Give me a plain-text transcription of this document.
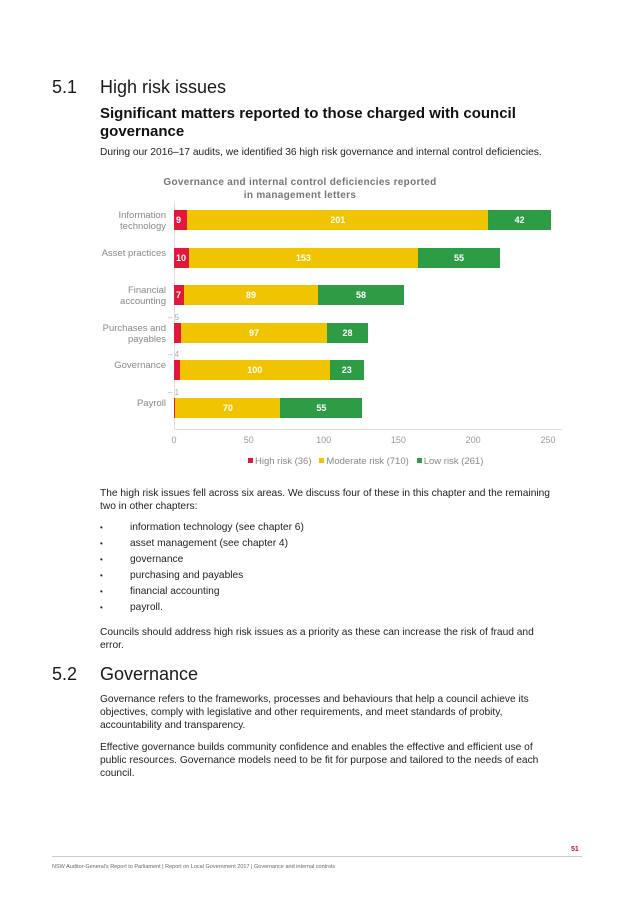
5.1 High risk issues
Significant matters reported to those charged with council governance
During our 2016–17 audits, we identified 36 high risk governance and internal control deficiencies.
Governance and internal control deficiencies reported in management letters
0	50	100	150	200	250
Information technology
9	201	42
Asset practices 10	153	55
Financial accounting
7	89	58
Purchases and payables
– 5
97	28
Governance
– 4
100	23
Payroll
– 1
70	55
High risk (36) Moderate risk (710) Low risk (261)
The high risk issues fell across six areas. We discuss four of these in this chapter and the remaining two in other chapters:
• information technology (see chapter 6)
• asset management (see chapter 4)
• governance
• purchasing and payables
• financial accounting
• payroll.
Councils should address high risk issues as a priority as these can increase the risk of fraud and error.
5.2 Governance
Governance refers to the frameworks, processes and behaviours that help a council achieve its objectives, comply with legislative and other requirements, and meet standards of probity, accountability and transparency.
Effective governance builds community confidence and enables the effective and efficient use of public resources. Governance models need to be fit for purpose and tailored to the needs of each council.
51
NSW Auditor-General's Report to Parliament | Report on Local Government 2017 | Governance and internal controls
